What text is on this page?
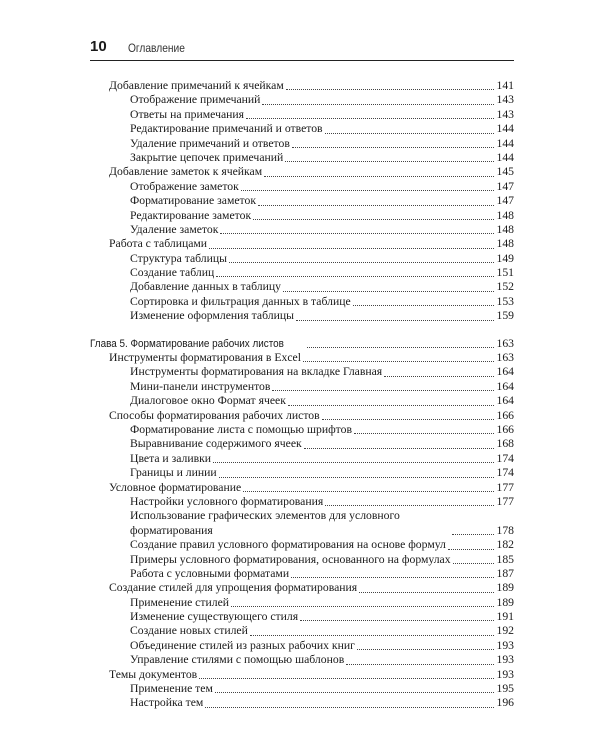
10 Оглавление
Добавление примечаний к ячейкам	141
Отображение примечаний	143
Ответы на примечания	143
Редактирование примечаний и ответов	144
Удаление примечаний и ответов	144
Закрытие цепочек примечаний	144
Добавление заметок к ячейкам	145
Отображение заметок	147
Форматирование заметок	147
Редактирование заметок	148
Удаление заметок	148
Работа с таблицами	148
Структура таблицы	149
Создание таблиц	151
Добавление данных в таблицу	152
Сортировка и фильтрация данных в таблице	153
Изменение оформления таблицы	159
Глава 5. Форматирование рабочих листов	163
Инструменты форматирования в Excel	163
Инструменты форматирования на вкладке Главная	164
Мини-панели инструментов	164
Диалоговое окно Формат ячеек	164
Способы форматирования рабочих листов	166
Форматирование листа с помощью шрифтов	166
Выравнивание содержимого ячеек	168
Цвета и заливки	174
Границы и линии	174
Условное форматирование	177
Настройки условного форматирования	177
Использование графических элементов для условного форматирования	178
Создание правил условного форматирования на основе формул	182
Примеры условного форматирования, основанного на формулах	185
Работа с условными форматами	187
Создание стилей для упрощения форматирования	189
Применение стилей	189
Изменение существующего стиля	191
Создание новых стилей	192
Объединение стилей из разных рабочих книг	193
Управление стилями с помощью шаблонов	193
Темы документов	193
Применение тем	195
Настройка тем	196
